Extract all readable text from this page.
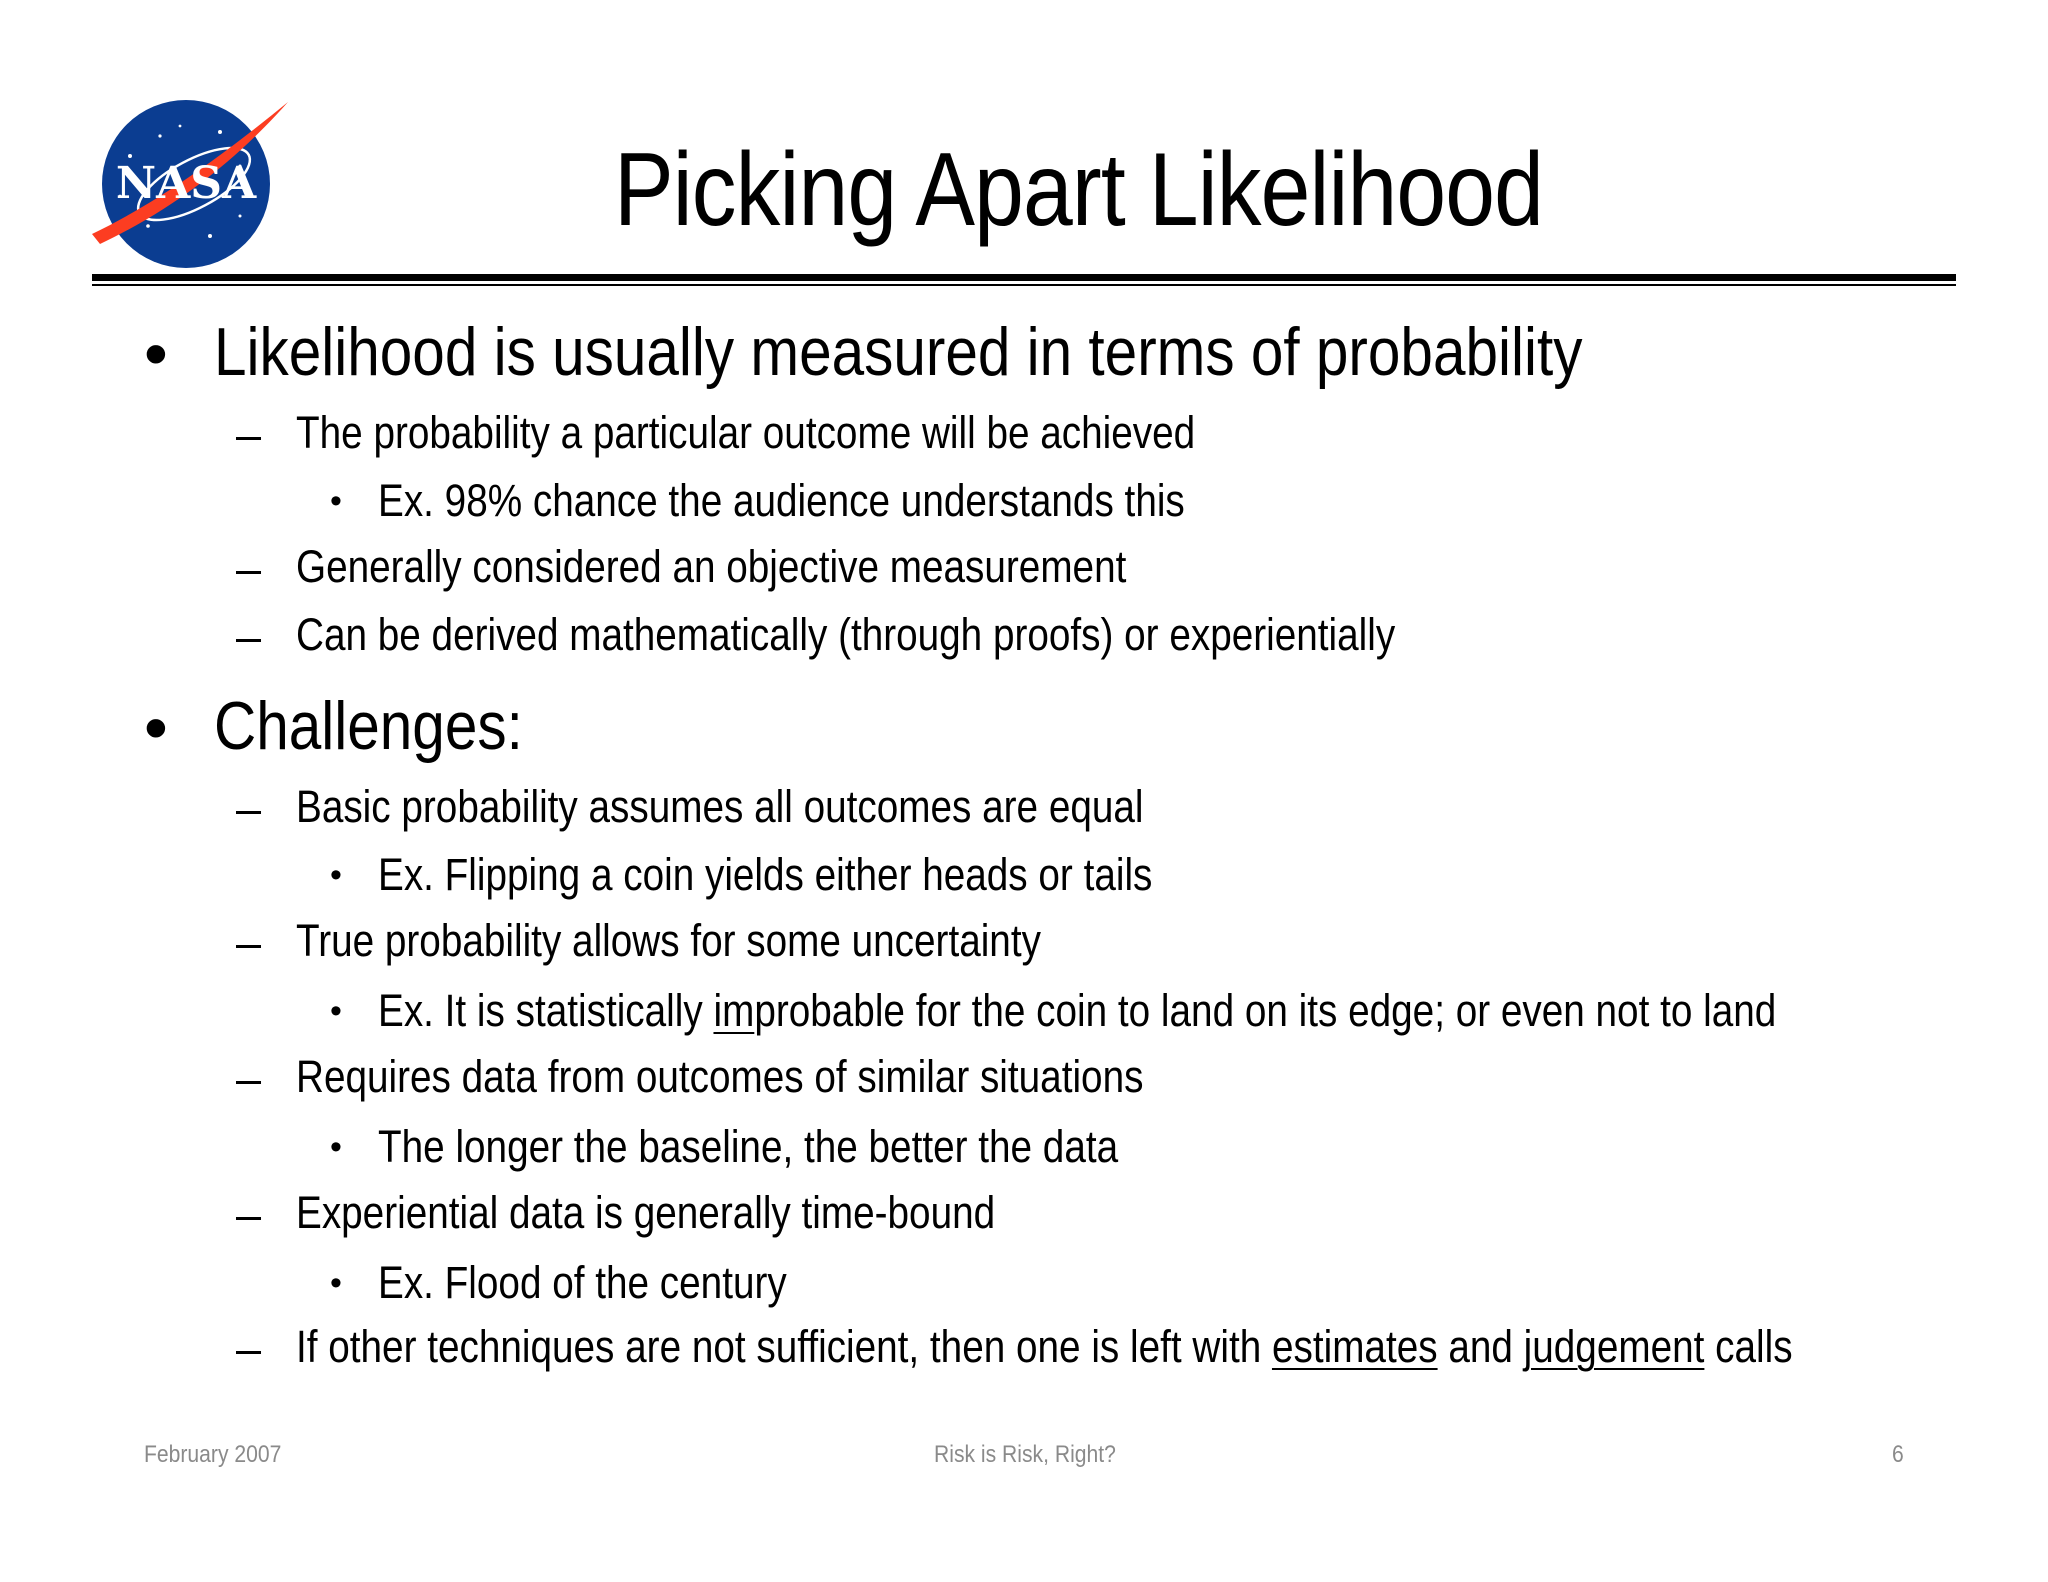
NASA	Picking Apart Likelihood
• Likelihood is usually measured in terms of probability
– The probability a particular outcome will be achieved
• Ex. 98% chance the audience understands this
– Generally considered an objective measurement
– Can be derived mathematically (through proofs) or experientially
• Challenges:
– Basic probability assumes all outcomes are equal
• Ex. Flipping a coin yields either heads or tails
– True probability allows for some uncertainty
• Ex. It is statistically improbable for the coin to land on its edge; or even not to land
– Requires data from outcomes of similar situations
• The longer the baseline, the better the data
– Experiential data is generally time-bound
• Ex. Flood of the century
– If other techniques are not sufficient, then one is left with estimates and judgement calls
February 2007	Risk is Risk, Right?	6
